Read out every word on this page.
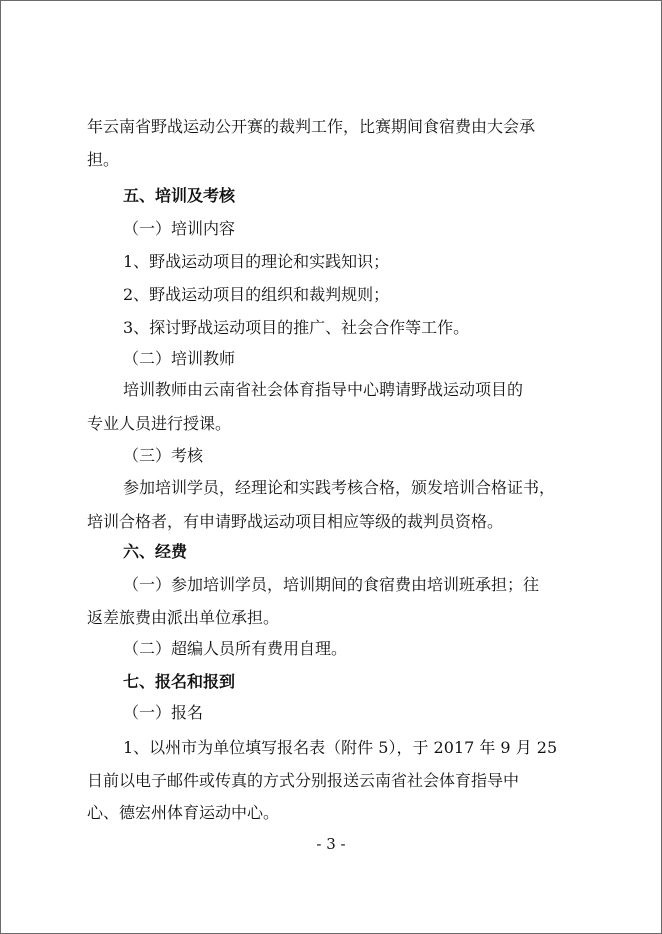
年云南省野战运动公开赛的裁判工作，比赛期间食宿费由大会承
担。
五、培训及考核
（一）培训内容
1、野战运动项目的理论和实践知识；
2、野战运动项目的组织和裁判规则；
3、探讨野战运动项目的推广、社会合作等工作。
（二）培训教师
培训教师由云南省社会体育指导中心聘请野战运动项目的
专业人员进行授课。
（三）考核
参加培训学员，经理论和实践考核合格，颁发培训合格证书，
培训合格者，有申请野战运动项目相应等级的裁判员资格。
六、经费
（一）参加培训学员，培训期间的食宿费由培训班承担；往
返差旅费由派出单位承担。
（二）超编人员所有费用自理。
七、报名和报到
（一）报名
1、以州市为单位填写报名表（附件 5），于 2017 年 9 月 25
日前以电子邮件或传真的方式分别报送云南省社会体育指导中
心、德宏州体育运动中心。
- 3 -
